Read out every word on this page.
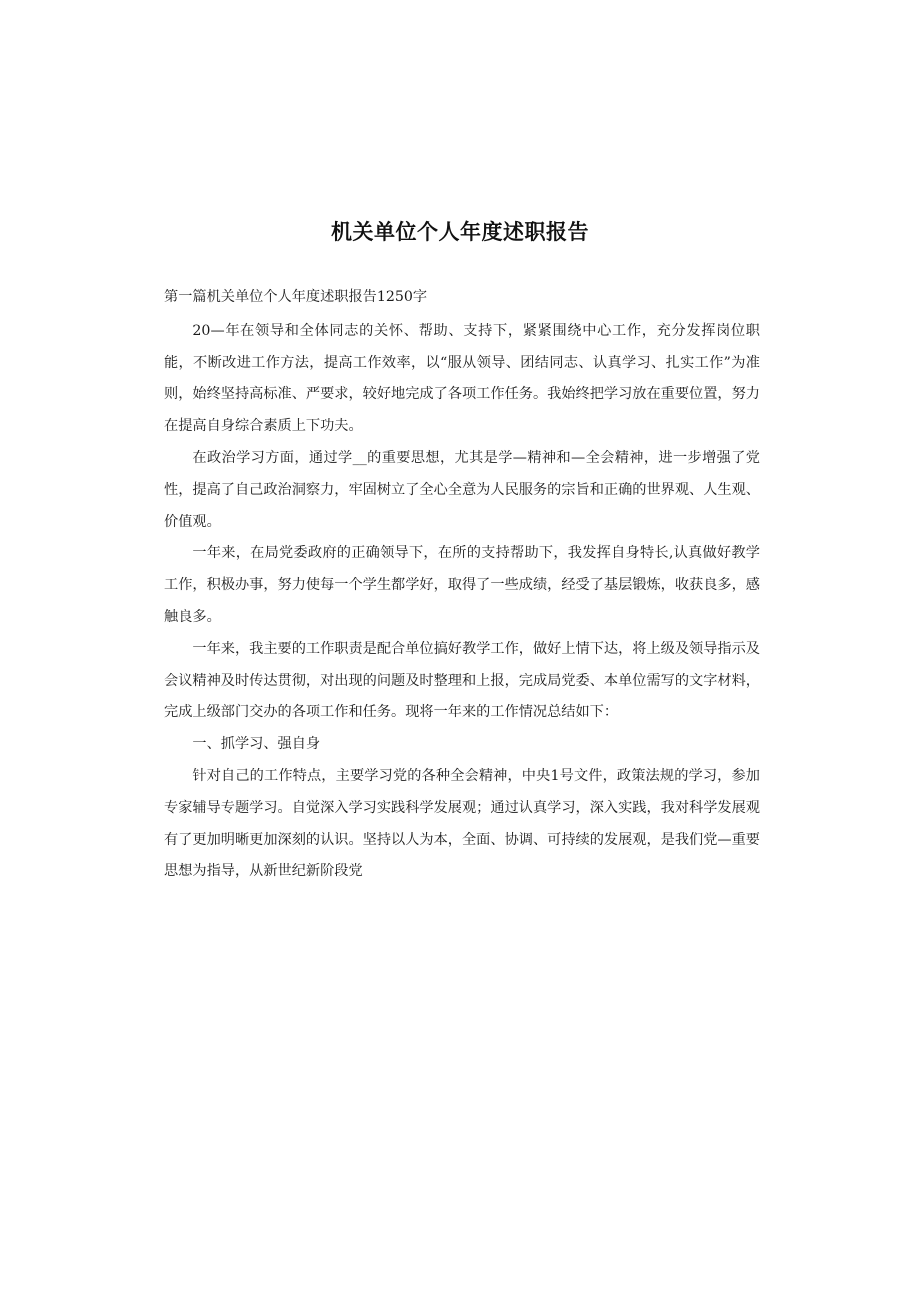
机关单位个人年度述职报告

第一篇机关单位个人年度述职报告1250字

20—年在领导和全体同志的关怀、帮助、支持下，紧紧围绕中心工作，充分发挥岗位职能，不断改进工作方法，提高工作效率，以“服从领导、团结同志、认真学习、扎实工作”为准则，始终坚持高标准、严要求，较好地完成了各项工作任务。我始终把学习放在重要位置，努力在提高自身综合素质上下功夫。

在政治学习方面，通过学__的重要思想，尤其是学—精神和—全会精神，进一步增强了党性，提高了自己政治洞察力，牢固树立了全心全意为人民服务的宗旨和正确的世界观、人生观、价值观。

一年来，在局党委政府的正确领导下，在所的支持帮助下，我发挥自身特长,认真做好教学工作，积极办事，努力使每一个学生都学好，取得了一些成绩，经受了基层锻炼，收获良多，感触良多。

一年来，我主要的工作职责是配合单位搞好教学工作，做好上情下达，将上级及领导指示及会议精神及时传达贯彻，对出现的问题及时整理和上报，完成局党委、本单位需写的文字材料，完成上级部门交办的各项工作和任务。现将一年来的工作情况总结如下：

一、抓学习、强自身

针对自己的工作特点，主要学习党的各种全会精神，中央1号文件，政策法规的学习，参加专家辅导专题学习。自觉深入学习实践科学发展观；通过认真学习，深入实践，我对科学发展观有了更加明晰更加深刻的认识。坚持以人为本，全面、协调、可持续的发展观，是我们党—重要思想为指导，从新世纪新阶段党
